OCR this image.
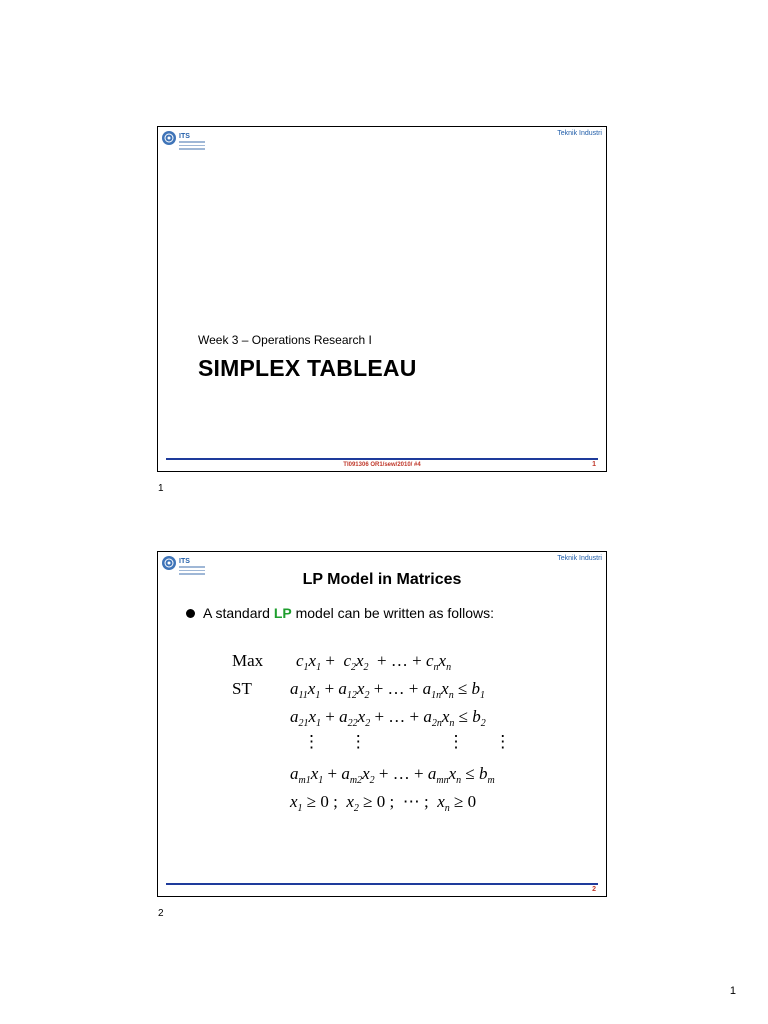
ITS	Teknik Industri
Week 3 – Operations Research I
SIMPLEX TABLEAU
TI091306 OR1/sew/2010/ #4	1
1
ITS	Teknik Industri
LP Model in Matrices
A standard LP model can be written as follows:
Max
ST
$c_1x_1 + c_2x_2$  + … + $c_nx_n$
$a_{11}x_1 + a_{12}x_2$ + … + $a_{1n}x_n \le b_1$
$a_{21}x_1 + a_{22}x_2$ + … + $a_{2n}x_n \le b_2$
⋮       ⋮                   ⋮       ⋮
$a_{m1}x_1 + a_{m2}x_2$ + … + $a_{mn}x_n \le b_m$
$x_1 \ge 0$ ;  $x_2 \ge 0$ ;  ⋯ ;  $x_n \ge 0$
2
2
1
